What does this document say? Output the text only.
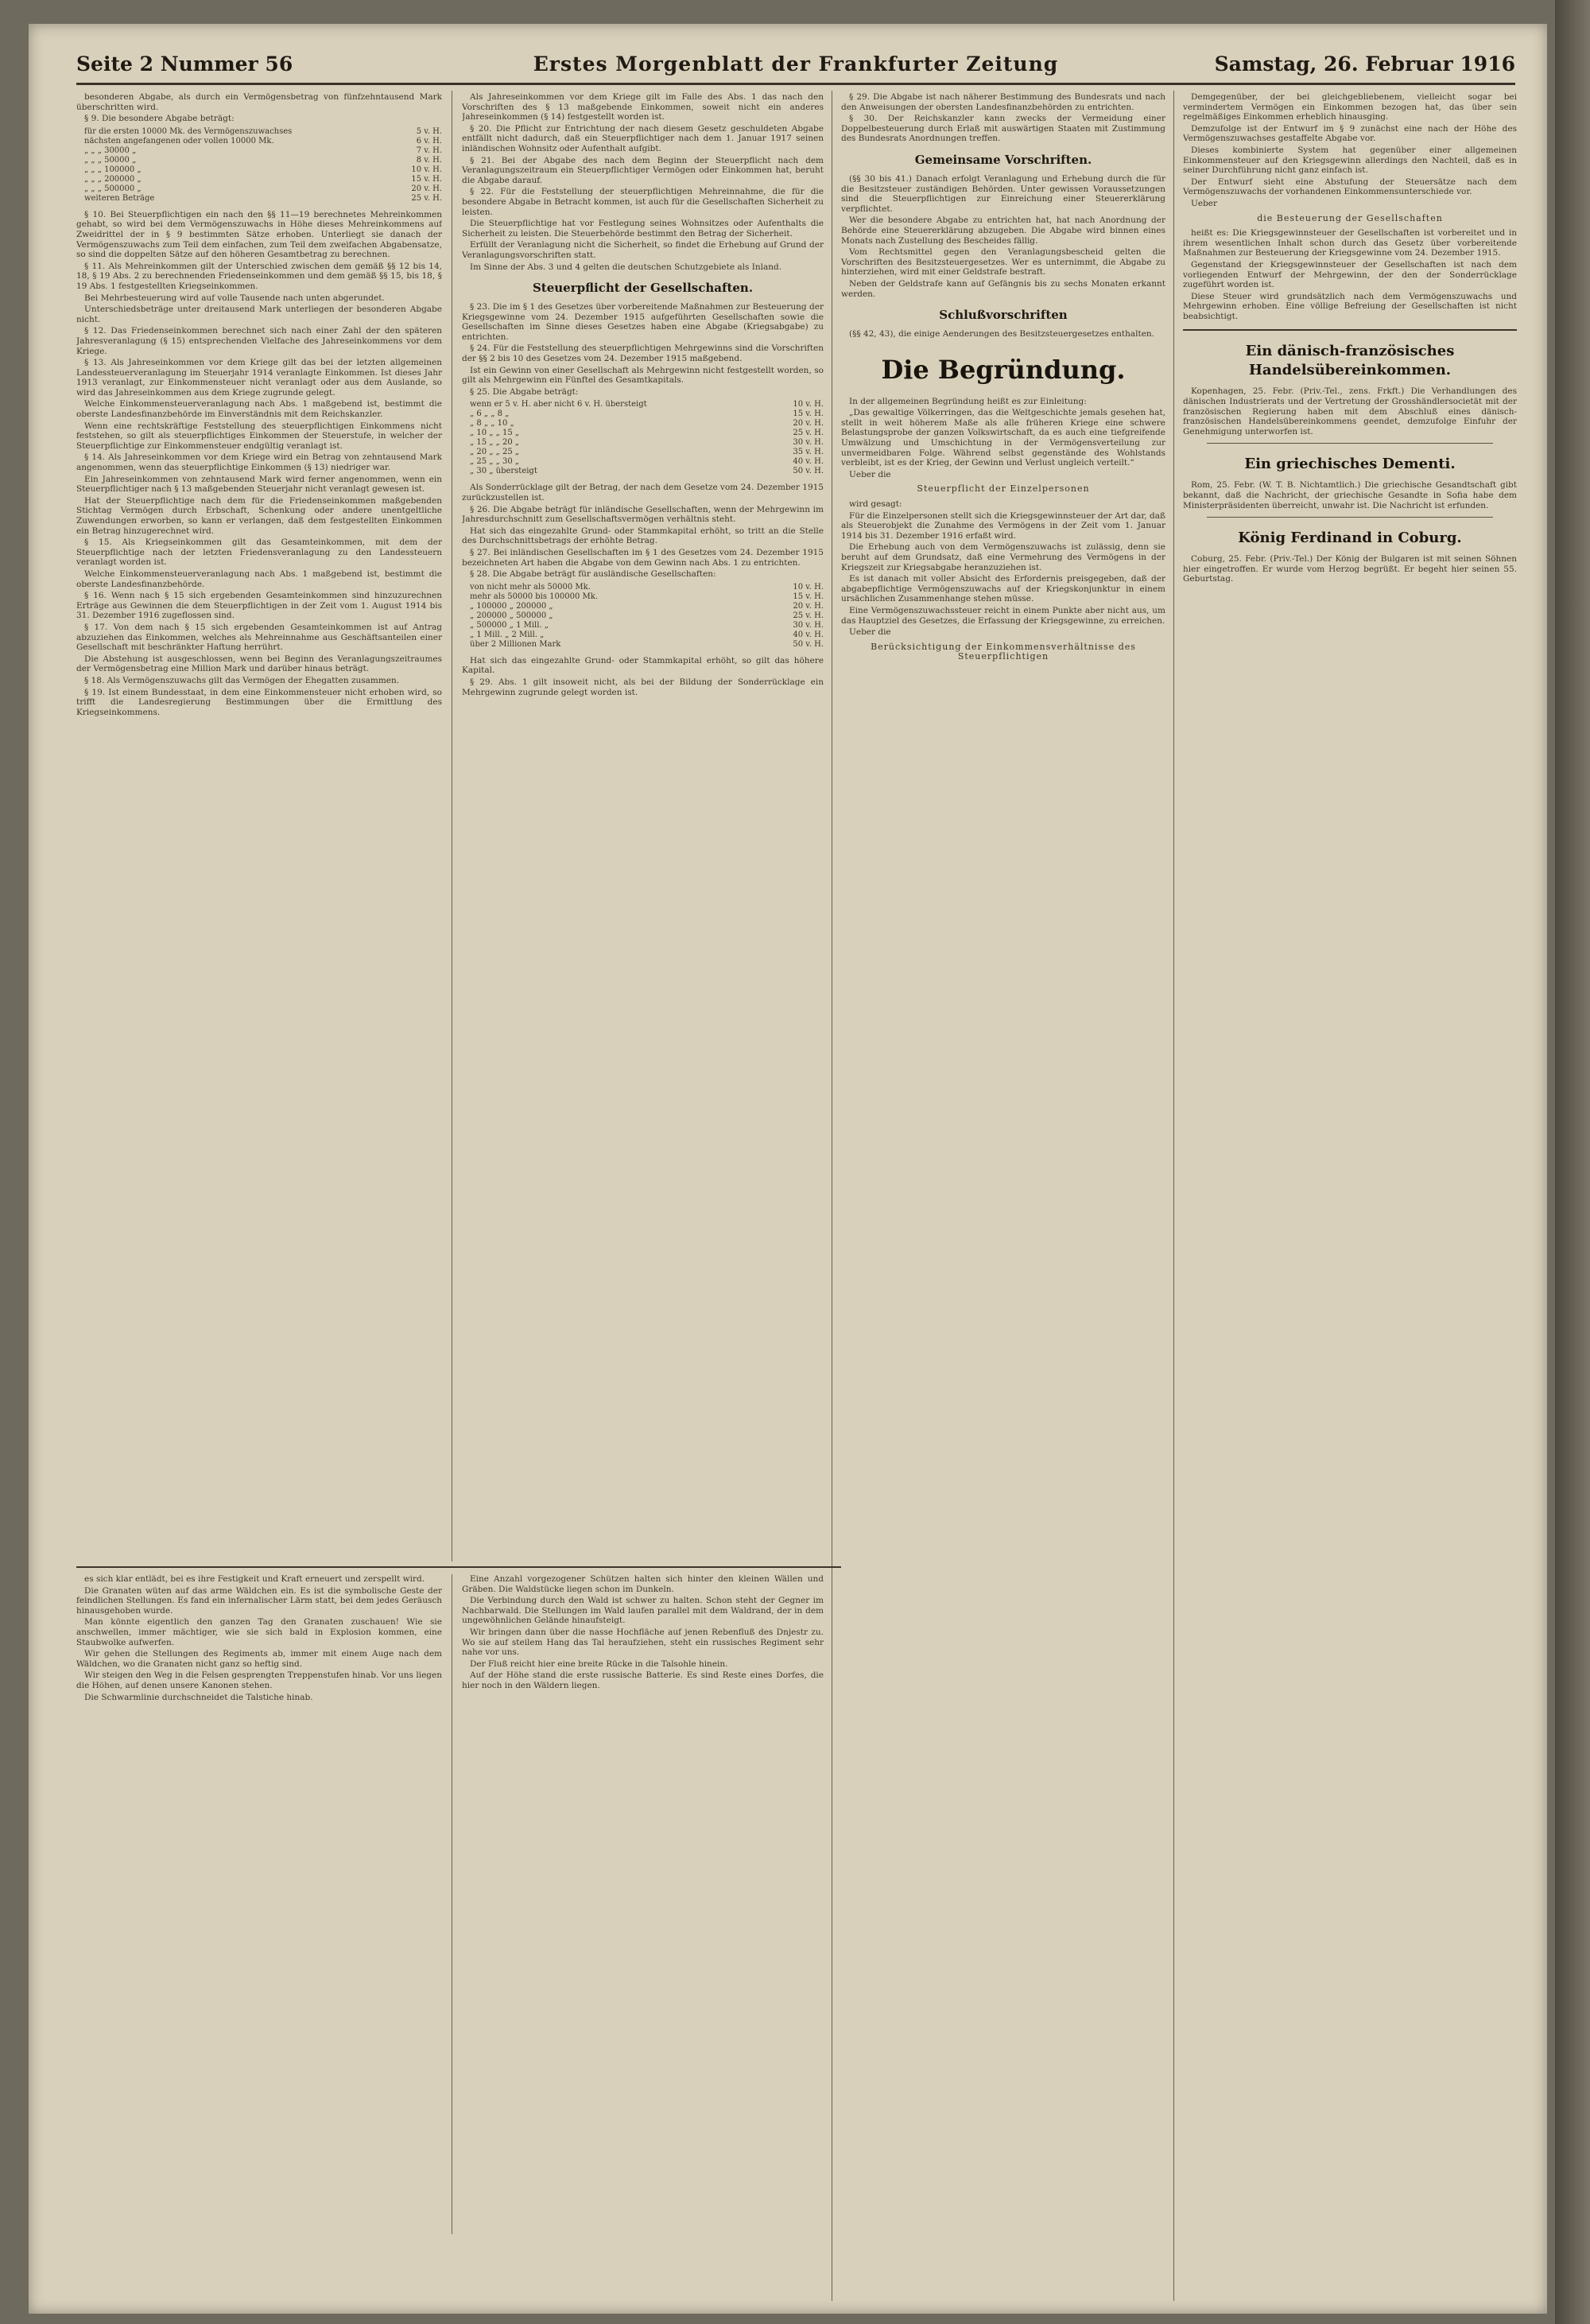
Seite 2 Nummer 56	Erstes Morgenblatt der Frankfurter Zeitung	Samstag, 26. Februar 1916

besonderen Abgabe, als durch ein Vermögensbetrag von fünfzehntausend Mark überschritten wird.

§ 9. Die besondere Abgabe beträgt:

für die ersten 10000 Mk. des Vermögenszuwachses	5 v. H.
nächsten angefangenen oder vollen 10000 Mk.	6 v. H.
„ „ „ 30000 „	7 v. H.
„ „ „ 50000 „	8 v. H.
„ „ „ 100000 „	10 v. H.
„ „ „ 200000 „	15 v. H.
„ „ „ 500000 „	20 v. H.
weiteren Beträge	25 v. H.

§ 10. Bei Steuerpflichtigen ein nach den §§ 11—19 berechnetes Mehreinkommen gehabt, so wird bei dem Vermögenszuwachs in Höhe dieses Mehreinkommens auf Zweidrittel der in § 9 bestimmten Sätze erhoben. Unterliegt sie danach der Vermögenszuwachs zum Teil dem einfachen, zum Teil dem zweifachen Abgabensatze, so sind die doppelten Sätze auf den höheren Gesamtbetrag zu berechnen.

§ 11. Als Mehreinkommen gilt der Unterschied zwischen dem gemäß §§ 12 bis 14, 18, § 19 Abs. 2 zu berechnenden Friedenseinkommen und dem gemäß §§ 15, bis 18, § 19 Abs. 1 festgestellten Kriegseinkommen.

Bei Mehrbesteuerung wird auf volle Tausende nach unten abgerundet.

Unterschiedsbeträge unter dreitausend Mark unterliegen der besonderen Abgabe nicht.

§ 12. Das Friedenseinkommen berechnet sich nach einer Zahl der den späteren Jahresveranlagung (§ 15) entsprechenden Vielfache des Jahreseinkommens vor dem Kriege.

§ 13. Als Jahreseinkommen vor dem Kriege gilt das bei der letzten allgemeinen Landessteuerveranlagung im Steuerjahr 1914 veranlagte Einkommen. Ist dieses Jahr 1913 veranlagt, zur Einkommensteuer nicht veranlagt oder aus dem Auslande, so wird das Jahreseinkommen aus dem Kriege zugrunde gelegt.

Welche Einkommensteuerveranlagung nach Abs. 1 maßgebend ist, bestimmt die oberste Landesfinanzbehörde im Einverständnis mit dem Reichskanzler.

Wenn eine rechtskräftige Feststellung des steuerpflichtigen Einkommens nicht feststehen, so gilt als steuerpflichtiges Einkommen der Steuerstufe, in welcher der Steuerpflichtige zur Einkommensteuer endgültig veranlagt ist.

§ 14. Als Jahreseinkommen vor dem Kriege wird ein Betrag von zehntausend Mark angenommen, wenn das steuerpflichtige Einkommen (§ 13) niedriger war.

Ein Jahreseinkommen von zehntausend Mark wird ferner angenommen, wenn ein Steuerpflichtiger nach § 13 maßgebenden Steuerjahr nicht veranlagt gewesen ist.

Hat der Steuerpflichtige nach dem für die Friedenseinkommen maßgebenden Stichtag Vermögen durch Erbschaft, Schenkung oder andere unentgeltliche Zuwendungen erworben, so kann er verlangen, daß dem festgestellten Einkommen ein Betrag hinzugerechnet wird.

§ 15. Als Kriegseinkommen gilt das Gesamteinkommen, mit dem der Steuerpflichtige nach der letzten Friedensveranlagung zu den Landessteuern veranlagt worden ist.

Welche Einkommensteuerveranlagung nach Abs. 1 maßgebend ist, bestimmt die oberste Landesfinanzbehörde.

§ 16. Wenn nach § 15 sich ergebenden Gesamteinkommen sind hinzuzurechnen Erträge aus Gewinnen die dem Steuerpflichtigen in der Zeit vom 1. August 1914 bis 31. Dezember 1916 zugeflossen sind.

§ 17. Von dem nach § 15 sich ergebenden Gesamteinkommen ist auf Antrag abzuziehen das Einkommen, welches als Mehreinnahme aus Geschäftsanteilen einer Gesellschaft mit beschränkter Haftung herrührt.

Die Abstehung ist ausgeschlossen, wenn bei Beginn des Veranlagungszeitraumes der Vermögensbetrag eine Million Mark und darüber hinaus beträgt.

§ 18. Als Vermögenszuwachs gilt das Vermögen der Ehegatten zusammen.

§ 19. Ist einem Bundesstaat, in dem eine Einkommensteuer nicht erhoben wird, so trifft die Landesregierung Bestimmungen über die Ermittlung des Kriegseinkommens.

Als Jahreseinkommen vor dem Kriege gilt im Falle des Abs. 1 das nach den Vorschriften des § 13 maßgebende Einkommen, soweit nicht ein anderes Jahreseinkommen (§ 14) festgestellt worden ist.

§ 20. Die Pflicht zur Entrichtung der nach diesem Gesetz geschuldeten Abgabe entfällt nicht dadurch, daß ein Steuerpflichtiger nach dem 1. Januar 1917 seinen inländischen Wohnsitz oder Aufenthalt aufgibt.

§ 21. Bei der Abgabe des nach dem Beginn der Steuerpflicht nach dem Veranlagungszeitraum ein Steuerpflichtiger Vermögen oder Einkommen hat, beruht die Abgabe darauf.

§ 22. Für die Feststellung der steuerpflichtigen Mehreinnahme, die für die besondere Abgabe in Betracht kommen, ist auch für die Gesellschaften Sicherheit zu leisten.

Die Steuerpflichtige hat vor Festlegung seines Wohnsitzes oder Aufenthalts die Sicherheit zu leisten. Die Steuerbehörde bestimmt den Betrag der Sicherheit.

Erfüllt der Veranlagung nicht die Sicherheit, so findet die Erhebung auf Grund der Veranlagungsvorschriften statt.

Im Sinne der Abs. 3 und 4 gelten die deutschen Schutzgebiete als Inland.

Steuerpflicht der Gesellschaften.

§ 23. Die im § 1 des Gesetzes über vorbereitende Maßnahmen zur Besteuerung der Kriegsgewinne vom 24. Dezember 1915 aufgeführten Gesellschaften sowie die Gesellschaften im Sinne dieses Gesetzes haben eine Abgabe (Kriegsabgabe) zu entrichten.

§ 24. Für die Feststellung des steuerpflichtigen Mehrgewinns sind die Vorschriften der §§ 2 bis 10 des Gesetzes vom 24. Dezember 1915 maßgebend.

Ist ein Gewinn von einer Gesellschaft als Mehrgewinn nicht festgestellt worden, so gilt als Mehrgewinn ein Fünftel des Gesamtkapitals.

§ 25. Die Abgabe beträgt:

wenn er 5 v. H. aber nicht 6 v. H. übersteigt	10 v. H.
„ 6 „ „ 8 „	15 v. H.
„ 8 „ „ 10 „	20 v. H.
„ 10 „ „ 15 „	25 v. H.
„ 15 „ „ 20 „	30 v. H.
„ 20 „ „ 25 „	35 v. H.
„ 25 „ „ 30 „	40 v. H.
„ 30 „ übersteigt	50 v. H.

Als Sonderrücklage gilt der Betrag, der nach dem Gesetze vom 24. Dezember 1915 zurückzustellen ist.

§ 26. Die Abgabe beträgt für inländische Gesellschaften, wenn der Mehrgewinn im Jahresdurchschnitt zum Gesellschaftsvermögen verhältnis steht.

Hat sich das eingezahlte Grund- oder Stammkapital erhöht, so tritt an die Stelle des Durchschnittsbetrags der erhöhte Betrag.

§ 27. Bei inländischen Gesellschaften im § 1 des Gesetzes vom 24. Dezember 1915 bezeichneten Art haben die Abgabe von dem Gewinn nach Abs. 1 zu entrichten.

§ 28. Die Abgabe beträgt für ausländische Gesellschaften:

von nicht mehr als 50000 Mk.	10 v. H.
mehr als 50000 bis 100000 Mk.	15 v. H.
„ 100000 „ 200000 „	20 v. H.
„ 200000 „ 500000 „	25 v. H.
„ 500000 „ 1 Mill. „	30 v. H.
„ 1 Mill. „ 2 Mill. „	40 v. H.
über 2 Millionen Mark	50 v. H.

Hat sich das eingezahlte Grund- oder Stammkapital erhöht, so gilt das höhere Kapital.

§ 29. Abs. 1 gilt insoweit nicht, als bei der Bildung der Sonderrücklage ein Mehrgewinn zugrunde gelegt worden ist.

§ 29. Die Abgabe ist nach näherer Bestimmung des Bundesrats und nach den Anweisungen der obersten Landesfinanzbehörden zu entrichten.

§ 30. Der Reichskanzler kann zwecks der Vermeidung einer Doppelbesteuerung durch Erlaß mit auswärtigen Staaten mit Zustimmung des Bundesrats Anordnungen treffen.

Gemeinsame Vorschriften.

(§§ 30 bis 41.) Danach erfolgt Veranlagung und Erhebung durch die für die Besitzsteuer zuständigen Behörden. Unter gewissen Voraussetzungen sind die Steuerpflichtigen zur Einreichung einer Steuererklärung verpflichtet.

Wer die besondere Abgabe zu entrichten hat, hat nach Anordnung der Behörde eine Steuererklärung abzugeben. Die Abgabe wird binnen eines Monats nach Zustellung des Bescheides fällig.

Vom Rechtsmittel gegen den Veranlagungsbescheid gelten die Vorschriften des Besitzsteuergesetzes. Wer es unternimmt, die Abgabe zu hinterziehen, wird mit einer Geldstrafe bestraft.

Neben der Geldstrafe kann auf Gefängnis bis zu sechs Monaten erkannt werden.

Schlußvorschriften

(§§ 42, 43), die einige Aenderungen des Besitzsteuergesetzes enthalten.

Die Begründung.

In der allgemeinen Begründung heißt es zur Einleitung:

„Das gewaltige Völkerringen, das die Weltgeschichte jemals gesehen hat, stellt in weit höherem Maße als alle früheren Kriege eine schwere Belastungsprobe der ganzen Volkswirtschaft, da es auch eine tiefgreifende Umwälzung und Umschichtung in der Vermögensverteilung zur unvermeidbaren Folge. Während selbst gegenstände des Wohlstands verbleibt, ist es der Krieg, der Gewinn und Verlust ungleich verteilt.“

Ueber die

Steuerpflicht der Einzelpersonen

wird gesagt:

Für die Einzelpersonen stellt sich die Kriegsgewinnsteuer der Art dar, daß als Steuerobjekt die Zunahme des Vermögens in der Zeit vom 1. Januar 1914 bis 31. Dezember 1916 erfaßt wird.

Die Erhebung auch von dem Vermögenszuwachs ist zulässig, denn sie beruht auf dem Grundsatz, daß eine Vermehrung des Vermögens in der Kriegszeit zur Kriegsabgabe heranzuziehen ist.

Es ist danach mit voller Absicht des Erfordernis preisgegeben, daß der abgabepflichtige Vermögenszuwachs auf der Kriegskonjunktur in einem ursächlichen Zusammenhange stehen müsse.

Eine Vermögenszuwachssteuer reicht in einem Punkte aber nicht aus, um das Hauptziel des Gesetzes, die Erfassung der Kriegsgewinne, zu erreichen.

Ueber die

Berücksichtigung der Einkommensverhältnisse des Steuerpflichtigen

Demgegenüber, der bei gleichgebliebenem, vielleicht sogar bei vermindertem Vermögen ein Einkommen bezogen hat, das über sein regelmäßiges Einkommen erheblich hinausging.

Demzufolge ist der Entwurf im § 9 zunächst eine nach der Höhe des Vermögenszuwachses gestaffelte Abgabe vor.

Dieses kombinierte System hat gegenüber einer allgemeinen Einkommensteuer auf den Kriegsgewinn allerdings den Nachteil, daß es in seiner Durchführung nicht ganz einfach ist.

Der Entwurf sieht eine Abstufung der Steuersätze nach dem Vermögenszuwachs der vorhandenen Einkommensunterschiede vor.

Ueber

die Besteuerung der Gesellschaften

heißt es: Die Kriegsgewinnsteuer der Gesellschaften ist vorbereitet und in ihrem wesentlichen Inhalt schon durch das Gesetz über vorbereitende Maßnahmen zur Besteuerung der Kriegsgewinne vom 24. Dezember 1915.

Gegenstand der Kriegsgewinnsteuer der Gesellschaften ist nach dem vorliegenden Entwurf der Mehrgewinn, der den der Sonderrücklage zugeführt worden ist.

Diese Steuer wird grundsätzlich nach dem Vermögenszuwachs und Mehrgewinn erhoben. Eine völlige Befreiung der Gesellschaften ist nicht beabsichtigt.

Ein dänisch-französisches Handelsübereinkommen.

Kopenhagen, 25. Febr. (Priv.-Tel., zens. Frkft.) Die Verhandlungen des dänischen Industrierats und der Vertretung der Grosshändlersocietät mit der französischen Regierung haben mit dem Abschluß eines dänisch-französischen Handelsübereinkommens geendet, demzufolge Einfuhr der Genehmigung unterworfen ist.

Ein griechisches Dementi.

Rom, 25. Febr. (W. T. B. Nichtamtlich.) Die griechische Gesandtschaft gibt bekannt, daß die Nachricht, der griechische Gesandte in Sofia habe dem Ministerpräsidenten überreicht, unwahr ist. Die Nachricht ist erfunden.

König Ferdinand in Coburg.

Coburg, 25. Febr. (Priv.-Tel.) Der König der Bulgaren ist mit seinen Söhnen hier eingetroffen. Er wurde vom Herzog begrüßt. Er begeht hier seinen 55. Geburtstag.

es sich klar entlädt, bei es ihre Festigkeit und Kraft erneuert und zerspellt wird.

Die Granaten wüten auf das arme Wäldchen ein. Es ist die symbolische Geste der feindlichen Stellungen. Es fand ein infernalischer Lärm statt, bei dem jedes Geräusch hinausgehoben wurde.

Man könnte eigentlich den ganzen Tag den Granaten zuschauen! Wie sie anschwellen, immer mächtiger, wie sie sich bald in Explosion kommen, eine Staubwolke aufwerfen.

Wir gehen die Stellungen des Regiments ab, immer mit einem Auge nach dem Wäldchen, wo die Granaten nicht ganz so heftig sind.

Wir steigen den Weg in die Felsen gesprengten Treppenstufen hinab. Vor uns liegen die Höhen, auf denen unsere Kanonen stehen.

Die Schwarmlinie durchschneidet die Talstiche hinab.

Eine Anzahl vorgezogener Schützen halten sich hinter den kleinen Wällen und Gräben. Die Waldstücke liegen schon im Dunkeln.

Die Verbindung durch den Wald ist schwer zu halten. Schon steht der Gegner im Nachbarwald. Die Stellungen im Wald laufen parallel mit dem Waldrand, der in dem ungewöhnlichen Gelände hinaufsteigt.

Wir bringen dann über die nasse Hochfläche auf jenen Rebenfluß des Dnjestr zu. Wo sie auf steilem Hang das Tal heraufziehen, steht ein russisches Regiment sehr nahe vor uns.

Der Fluß reicht hier eine breite Rücke in die Talsohle hinein.

Auf der Höhe stand die erste russische Batterie. Es sind Reste eines Dorfes, die hier noch in den Wäldern liegen.
